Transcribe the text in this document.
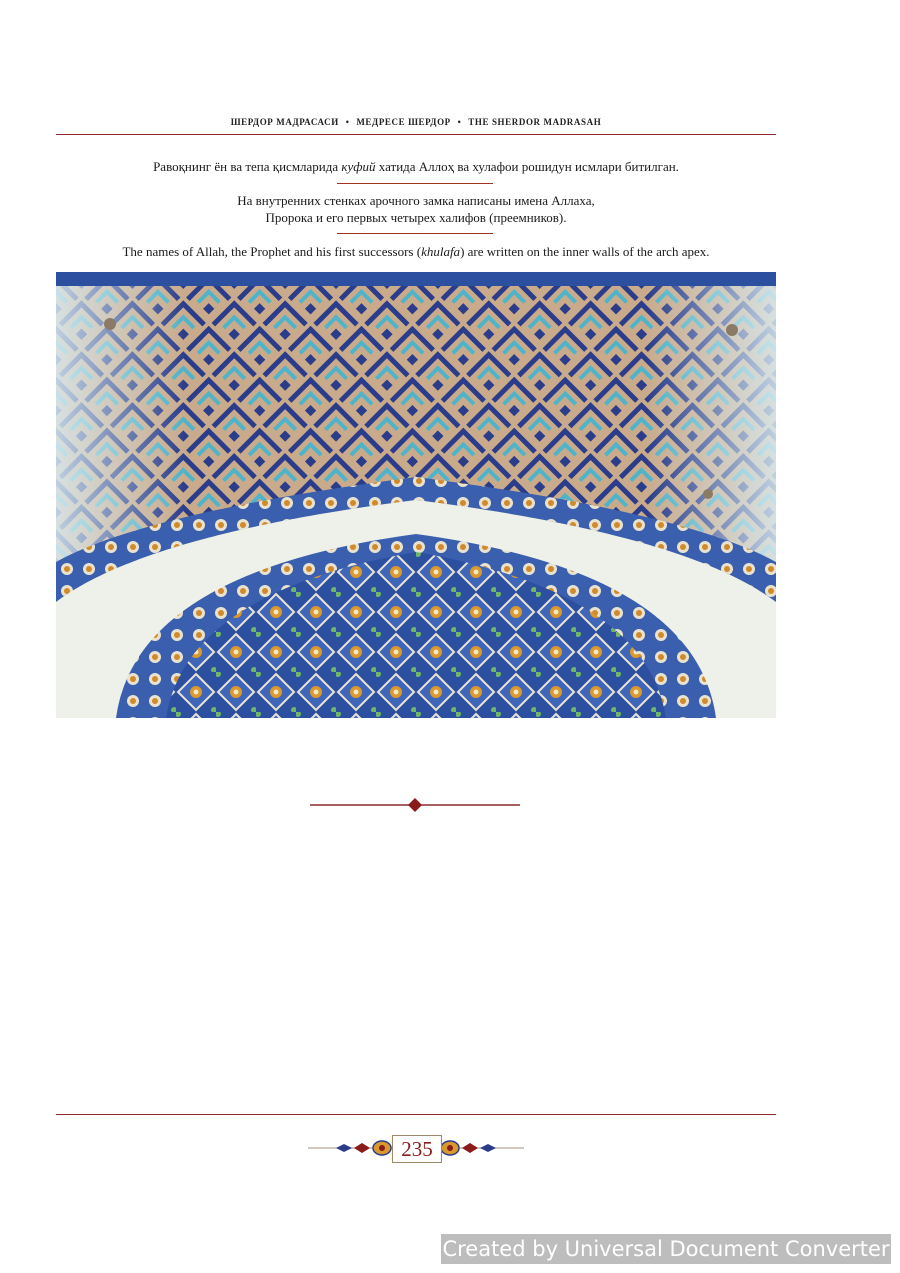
ШЕРДОР МАДРАСАСИ • МЕДРЕСЕ ШЕРДОР • THE SHERDOR MADRASAH
Равоқнинг ён ва тепа қисмларида куфий хатида Аллоҳ ва хулафои рошидун исмлари битилган.
На внутренних стенках арочного замка написаны имена Аллаха,
Пророка и его первых четырех халифов (преемников).
The names of Allah, the Prophet and his first successors (khulafa) are written on the inner walls of the arch apex.
235
Created by Universal Document Converter
